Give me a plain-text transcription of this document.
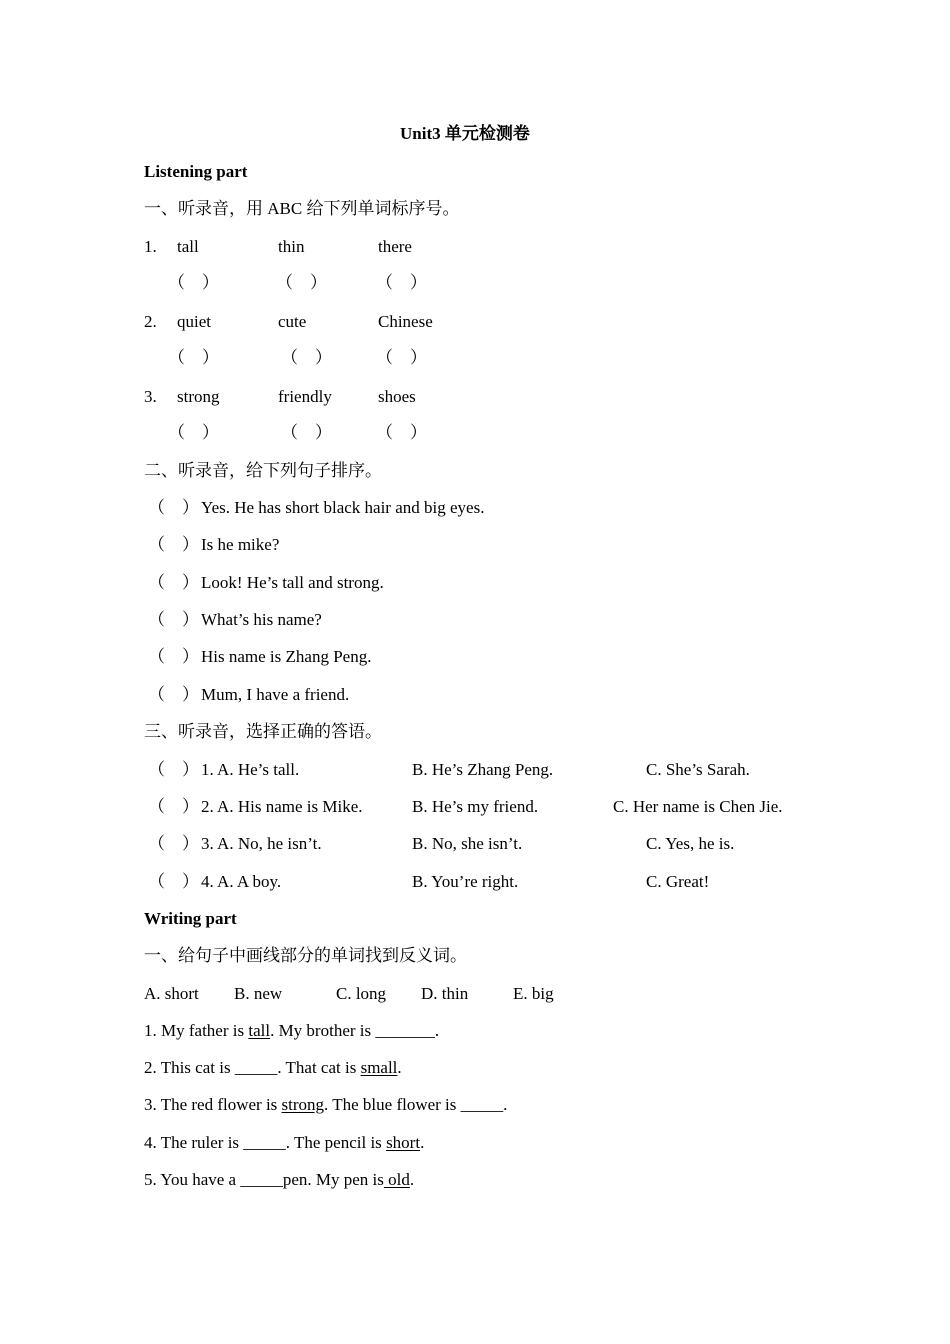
Unit3 单元检测卷
Listening part
一、听录音，用 ABC 给下列单词标序号。
1. tall	thin	there
（    ）	（    ）	（    ）
2. quiet	cute	Chinese
（    ）	（    ）	（    ）
3. strong	friendly	shoes
（    ）	（    ）	（    ）
二、听录音，给下列句子排序。
（    ） Yes. He has short black hair and big eyes.
（    ） Is he mike?
（    ） Look! He’s tall and strong.
（    ） What’s his name?
（    ） His name is Zhang Peng.
（    ） Mum, I have a friend.
三、听录音，选择正确的答语。
（    ） 1. A. He’s tall.	B. He’s Zhang Peng.	C. She’s Sarah.
（    ） 2. A. His name is Mike.	B. He’s my friend.	C. Her name is Chen Jie.
（    ） 3. A. No, he isn’t.	B. No, she isn’t.	C. Yes, he is.
（    ） 4. A. A boy.	B. You’re right.	C. Great!
Writing part
一、给句子中画线部分的单词找到反义词。
A. short B. new	C. long D. thin	E. big
1. My father is tall. My brother is _______.
2. This cat is _____. That cat is small.
3. The red flower is strong. The blue flower is _____.
4. The ruler is _____. The pencil is short.
5. You have a _____pen. My pen is old.
